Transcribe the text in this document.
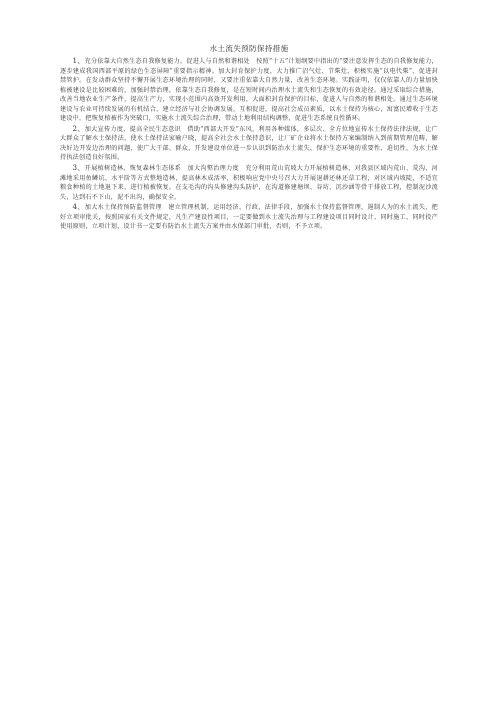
水土流失预防保持措施

1、充分依靠大自然生态自我修复能力，促进人与自然和谐相处　按照“十五”计划纲要中指出的“要注意发挥生态的自我修复能力，逐步建成我国西部平原的绿色生态屏障”重要指示精神。加大封育保护力度，大力推广沼气灶、节柴灶，积极实施“以电代柴”，促进封禁管护。在发动群众坚持不懈开展生态环境治理的同时，又要注重依靠大自然力量，改善生态环境。实践证明，仅仅依靠人的力量加快植被建设是比较困难的，加强封禁治理，依靠生态自我修复，是在短时间内治理水土流失和生态恢复的有效途径。通过采取综合措施，改善当地农业生产条件，提高生产力，实现小范围内高效开发利用，大面积封育保护的目标，促进人与自然的和谐相处。通过生态环境建设与农业可持续发展的有机结合，建立经济与社会协调发展，互相促进，提高社会成员素质，以水土保持为核心，寓富民增收于生态建设中，把恢复植被作为突破口，实施水土流失综合治理，带动土地利用结构调整，促进生态系统良性循环。

2、加大宣传力度，提高全民生态意识　借助“西部大开发”东风，利用各种媒体，多层次、全方位地宣传水土保持法律法规，让广大群众了解水土保持法，使水土保持法家喻户晓，提高全社会水土保持意识，让厂矿企业将水土保持方案编制纳入到前期管理范畴，解决好边开发边治理的问题，使广大干部、群众、开发建设单位进一步认识到防治水土流失、保护生态环境的重要性、迫切性，为水土保持执法创造良好氛围。

3、开展植树造林、恢复森林生态体系　加大沟壑治理力度　充分利用荒山荒坡大力开展植树造林，对我县区域内荒山、荒沟、河滩地采用鱼鳞坑、水平阶等方式整地造林，提高林木成活率，积极响应党中央号召大力开展退耕还林还草工程，对区域内坡陡，不适宜粮食种植的土地退下来，进行植被恢复。在支毛沟的沟头修建沟头防护，在沟道修建塘坝、谷坊、沉沙涵等骨干排放工程，控制泥沙流失，达到石不下山，泥不出沟，确保安全。

4、加大水土保持预防监督管理　建立管理机制，运用经济、行政、法律手段，加强水土保持监督管理，遏制人为的水土流失，把好立项审批关，按照国家有关文件规定，凡生产建设性项目，一定要做到水土流失治理与工程建设项目同时设计、同时施工、同时投产使用原则，立项计划，设计书一定要有防治水土流失方案并由水保部门审批，否则，不予立项。
